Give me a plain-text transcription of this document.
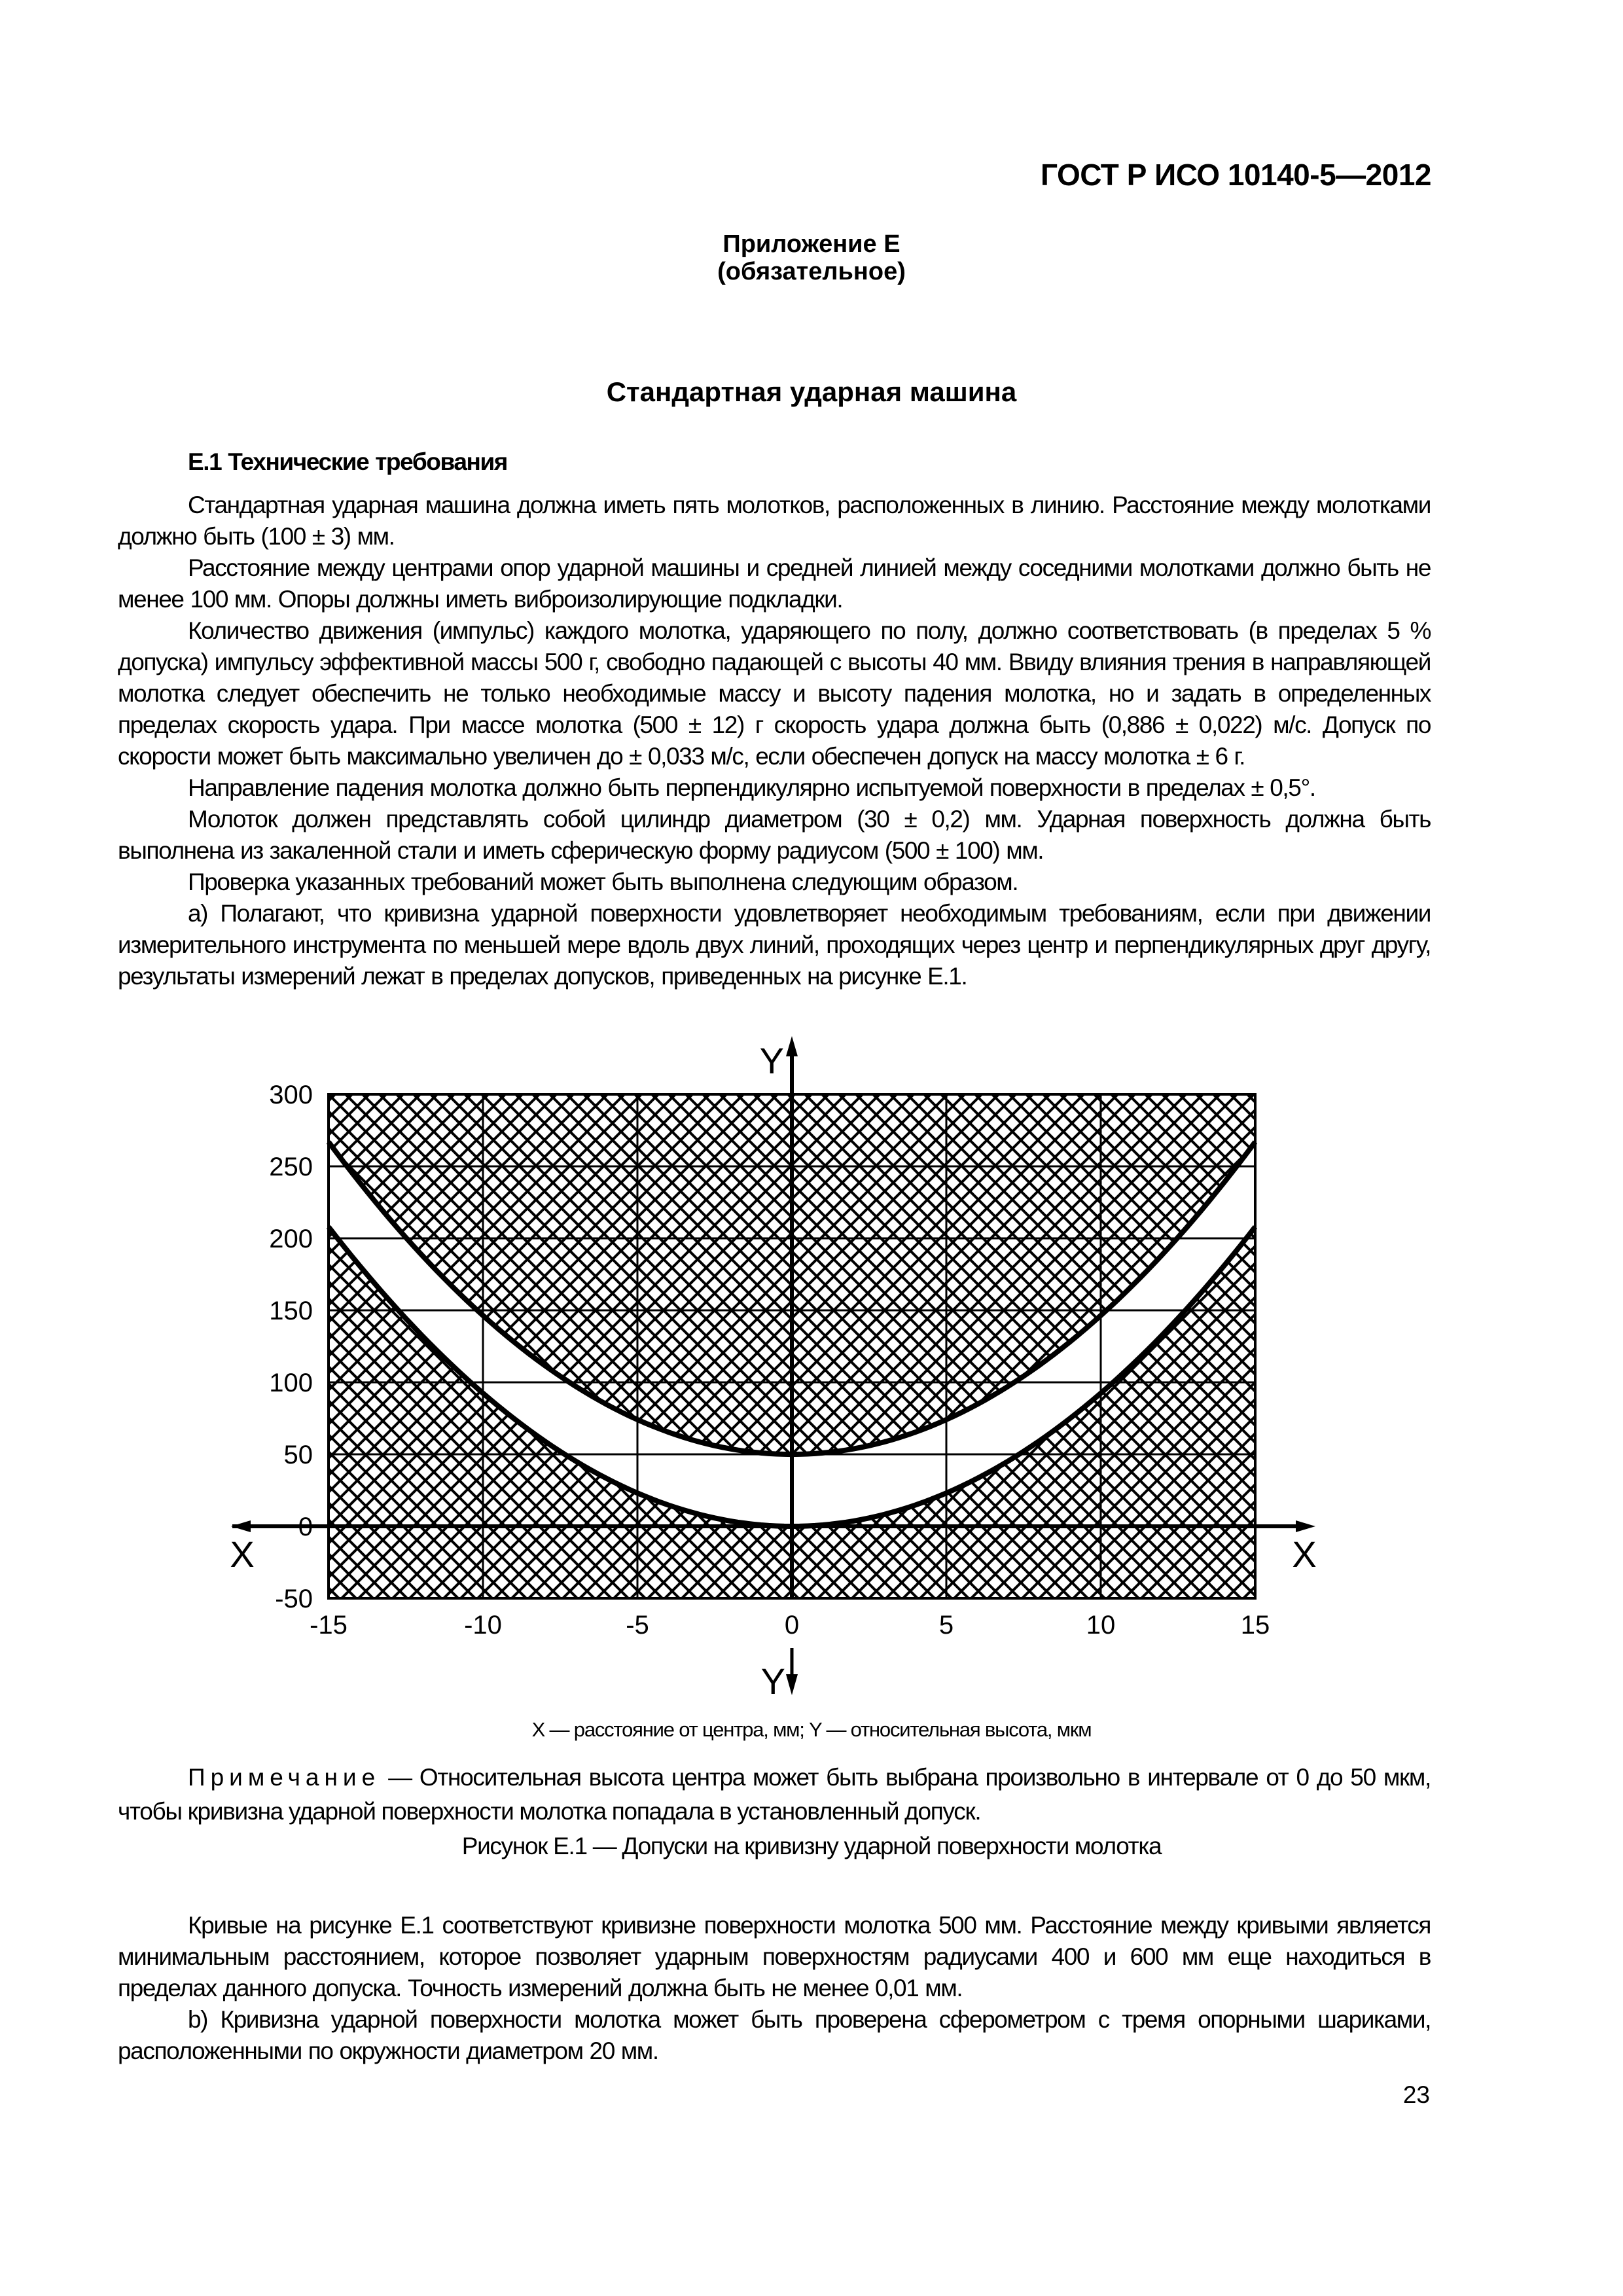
ГОСТ Р ИСО 10140-5—2012
Приложение Е
(обязательное)
Стандартная ударная машина
Е.1 Технические требования

Стандартная ударная машина должна иметь пять молотков, расположенных в линию. Расстояние между молотками должно быть (100 ± 3) мм.

Расстояние между центрами опор ударной машины и средней линией между соседними молотками должно быть не менее 100 мм. Опоры должны иметь виброизолирующие подкладки.

Количество движения (импульс) каждого молотка, ударяющего по полу, должно соответствовать (в пределах 5 % допуска) импульсу эффективной массы 500 г, свободно падающей с высоты 40 мм. Ввиду влияния трения в направляющей молотка следует обеспечить не только необходимые массу и высоту падения молотка, но и задать в определенных пределах скорость удара. При массе молотка (500 ± 12) г скорость удара должна быть (0,886 ± 0,022) м/с. Допуск по скорости может быть максимально увеличен до ± 0,033 м/с, если обеспечен допуск на массу молотка ± 6 г.

Направление падения молотка должно быть перпендикулярно испытуемой поверхности в пределах ± 0,5°.

Молоток должен представлять собой цилиндр диаметром (30 ± 0,2) мм. Ударная поверхность должна быть выполнена из закаленной стали и иметь сферическую форму радиусом (500 ± 100) мм.

Проверка указанных требований может быть выполнена следующим образом.

а) Полагают, что кривизна ударной поверхности удовлетворяет необходимым требованиям, если при движении измерительного инструмента по меньшей мере вдоль двух линий, проходящих через центр и перпендикулярных друг другу, результаты измерений лежат в пределах допусков, приведенных на рисунке Е.1.

Y
Y
X	X
-50
0
50
100
150
200
250
300
-15	-10	-5	0	5	10	15
X — расстояние от центра, мм; Y — относительная высота, мкм

Примечание — Относительная высота центра может быть выбрана произвольно в интервале от 0 до 50 мкм, чтобы кривизна ударной поверхности молотка попадала в установленный допуск.

Рисунок Е.1 — Допуски на кривизну ударной поверхности молотка

Кривые на рисунке Е.1 соответствуют кривизне поверхности молотка 500 мм. Расстояние между кривыми является минимальным расстоянием, которое позволяет ударным поверхностям радиусами 400 и 600 мм еще находиться в пределах данного допуска. Точность измерений должна быть не менее 0,01 мм.

b) Кривизна ударной поверхности молотка может быть проверена сферометром с тремя опорными шариками, расположенными по окружности диаметром 20 мм.

23
